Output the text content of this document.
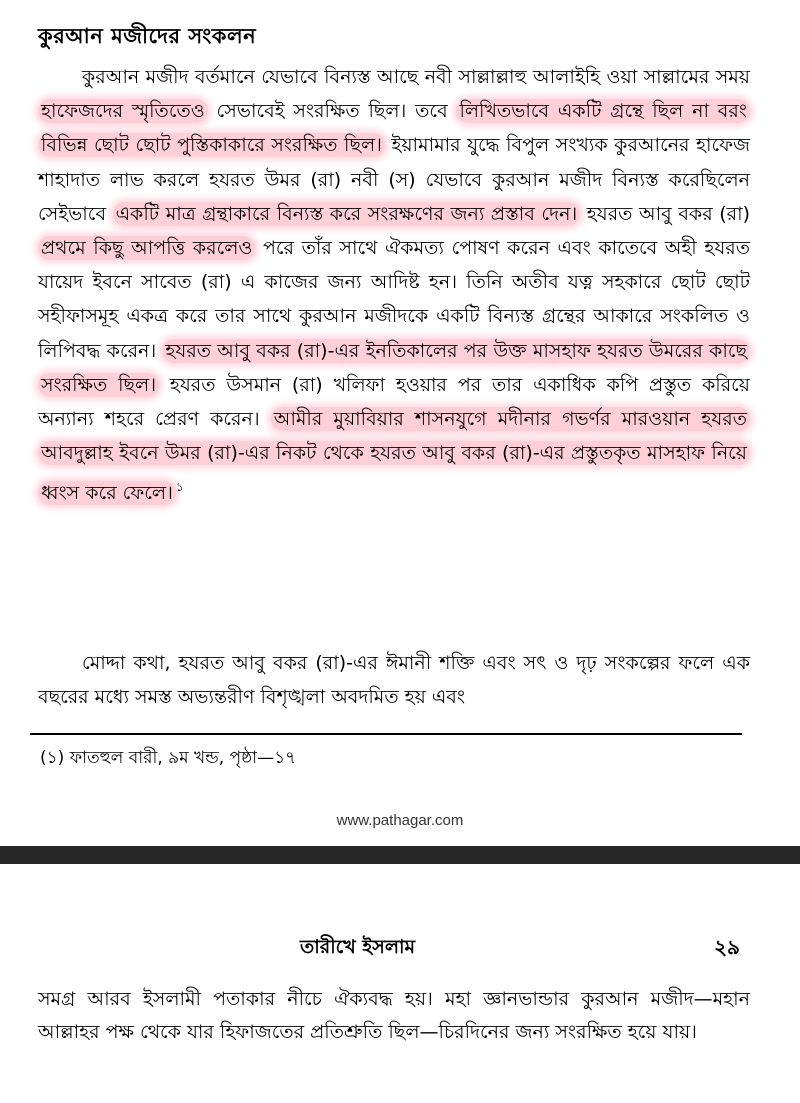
কুরআন মজীদের সংকলন

কুরআন মজীদ বর্তমানে যেভাবে বিন্যস্ত আছে নবী সাল্লাল্লাহু আলাইহি ওয়া সাল্লামের সময় হাফেজদের স্মৃতিতেও সেভাবেই সংরক্ষিত ছিল। তবে লিখিতভাবে একটি গ্রন্থে ছিল না বরং বিভিন্ন ছোট ছোট পুস্তিকাকারে সংরক্ষিত ছিল। ইয়ামামার যুদ্ধে বিপুল সংখ্যক কুরআনের হাফেজ শাহাদাত লাভ করলে হযরত উমর (রা) নবী (স) যেভাবে কুরআন মজীদ বিন্যস্ত করেছিলেন সেইভাবে একটি মাত্র গ্রন্থাকারে বিন্যস্ত করে সংরক্ষণের জন্য প্রস্তাব দেন। হযরত আবু বকর (রা) প্রথমে কিছু আপত্তি করলেও পরে তাঁর সাথে ঐকমত্য পোষণ করেন এবং কাতেবে অহী হযরত যায়েদ ইবনে সাবেত (রা) এ কাজের জন্য আদিষ্ট হন। তিনি অতীব যত্ন সহকারে ছোট ছোট সহীফাসমূহ একত্র করে তার সাথে কুরআন মজীদকে একটি বিন্যস্ত গ্রন্থের আকারে সংকলিত ও লিপিবদ্ধ করেন। হযরত আবু বকর (রা)-এর ইনতিকালের পর উক্ত মাসহাফ হযরত উমরের কাছে সংরক্ষিত ছিল। হযরত উসমান (রা) খলিফা হওয়ার পর তার একাধিক কপি প্রস্তুত করিয়ে অন্যান্য শহরে প্রেরণ করেন। আমীর মুয়াবিয়ার শাসনযুগে মদীনার গভর্ণর মারওয়ান হযরত আবদুল্লাহ ইবনে উমর (রা)-এর নিকট থেকে হযরত আবু বকর (রা)-এর প্রস্তুতকৃত মাসহাফ নিয়ে ধ্বংস করে ফেলে। $^১$

মোদ্দা কথা, হযরত আবু বকর (রা)-এর ঈমানী শক্তি এবং সৎ ও দৃঢ় সংকল্পের ফলে এক বছরের মধ্যে সমস্ত অভ্যন্তরীণ বিশৃঙ্খলা অবদমিত হয় এবং

(১) ফাতহুল বারী, ৯ম খন্ড, পৃষ্ঠা—১৭
www.pathagar.com
তারীখে ইসলাম	২৯

সমগ্র আরব ইসলামী পতাকার নীচে ঐক্যবদ্ধ হয়। মহা জ্ঞানভান্ডার কুরআন মজীদ—মহান আল্লাহর পক্ষ থেকে যার হিফাজতের প্রতিশ্রুতি ছিল—চিরদিনের জন্য সংরক্ষিত হয়ে যায়।
